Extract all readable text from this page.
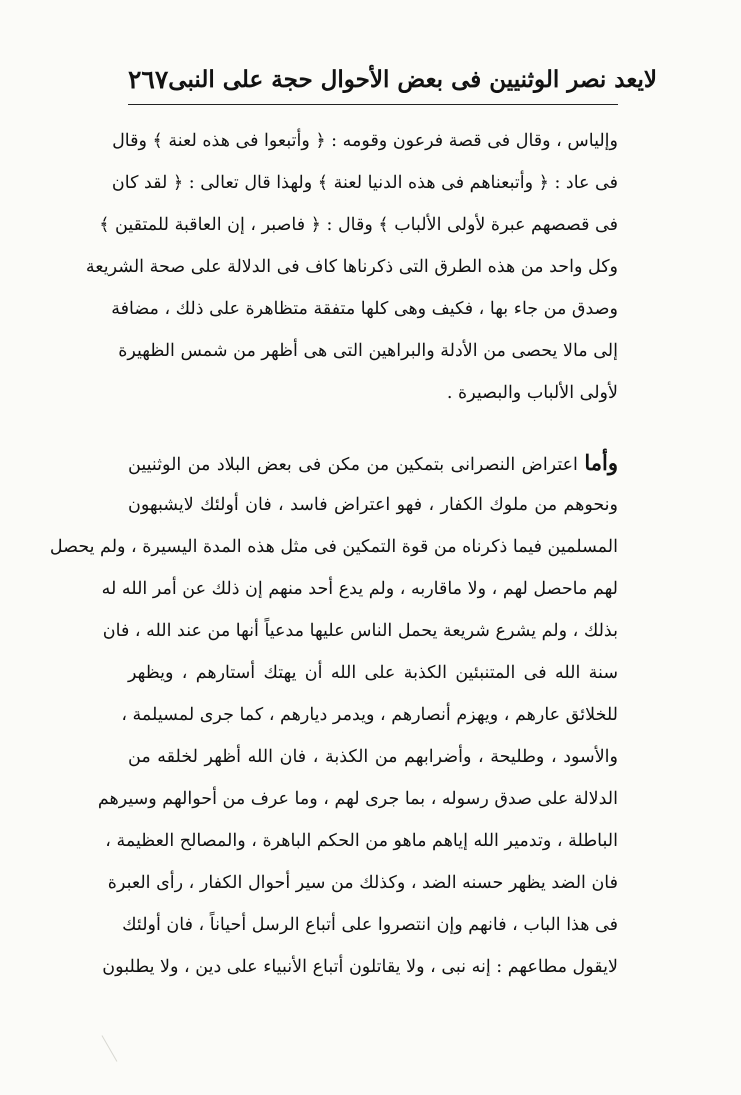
٢٦٧ لايعد نصر الوثنيين فى بعض الأحوال حجة على النبى
وإلياس ، وقال فى قصة فرعون وقومه : ﴿ وأتبعوا فى هذه لعنة ﴾ وقال
فى عاد : ﴿ وأتبعناهم فى هذه الدنيا لعنة ﴾ ولهذا قال تعالى : ﴿ لقد كان
فى قصصهم عبرة لأولى الألباب ﴾ وقال : ﴿ فاصبر ، إن العاقبة للمتقين ﴾
وكل واحد من هذه الطرق التى ذكرناها كاف فى الدلالة على صحة الشريعة
وصدق من جاء بها ، فكيف وهى كلها متفقة متظاهرة على ذلك ، مضافة
إلى مالا يحصى من الأدلة والبراهين التى هى أظهر من شمس الظهيرة
لأولى الألباب والبصيرة .
وأما اعتراض النصرانى بتمكين من مكن فى بعض البلاد من الوثنيين
ونحوهم من ملوك الكفار ، فهو اعتراض فاسد ، فان أولئك لايشبهون
المسلمين فيما ذكرناه من قوة التمكين فى مثل هذه المدة اليسيرة ، ولم يحصل
لهم ماحصل لهم ، ولا ماقاربه ، ولم يدع أحد منهم إن ذلك عن أمر الله له
بذلك ، ولم يشرع شريعة يحمل الناس عليها مدعياً أنها من عند الله ، فان
سنة الله فى المتنبئين الكذبة على الله أن يهتك أستارهم ، ويظهر
للخلائق عارهم ، ويهزم أنصارهم ، ويدمر ديارهم ، كما جرى لمسيلمة ،
والأسود ، وطليحة ، وأضرابهم من الكذبة ، فان الله أظهر لخلقه من
الدلالة على صدق رسوله ، بما جرى لهم ، وما عرف من أحوالهم وسيرهم
الباطلة ، وتدمير الله إياهم ماهو من الحكم الباهرة ، والمصالح العظيمة ،
فان الضد يظهر حسنه الضد ، وكذلك من سير أحوال الكفار ، رأى العبرة
فى هذا الباب ، فانهم وإن انتصروا على أتباع الرسل أحياناً ، فان أولئك
لايقول مطاعهم : إنه نبى ، ولا يقاتلون أتباع الأنبياء على دين ، ولا يطلبون
